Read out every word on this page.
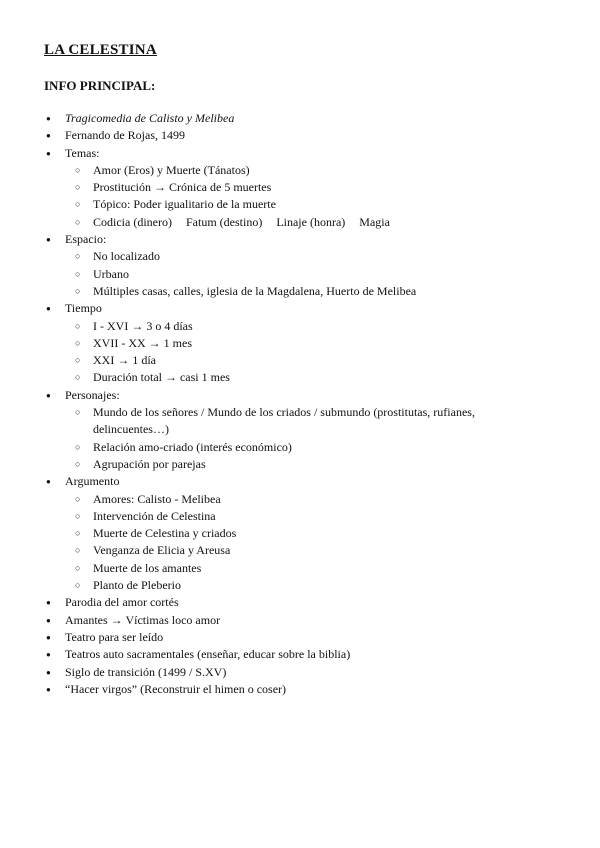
LA CELESTINA
INFO PRINCIPAL:
●	Tragicomedia de Calisto y Melibea
●	Fernando de Rojas, 1499
●	Temas:
○	Amor (Eros) y Muerte (Tánatos)
○	Prostitución → Crónica de 5 muertes
○	Tópico: Poder igualitario de la muerte
○	Codicia (dinero) Fatum (destino) Linaje (honra) Magia
●	Espacio:
○	No localizado
○	Urbano
○	Múltiples casas, calles, iglesia de la Magdalena, Huerto de Melibea
●	Tiempo
○	I - XVI → 3 o 4 días
○	XVII - XX → 1 mes
○	XXI → 1 día
○	Duración total → casi 1 mes
●	Personajes:
○	Mundo de los señores / Mundo de los criados / submundo (prostitutas, rufianes, delincuentes…)
○	Relación amo-criado (interés económico)
○	Agrupación por parejas
●	Argumento
○	Amores: Calisto - Melibea
○	Intervención de Celestina
○	Muerte de Celestina y criados
○	Venganza de Elicia y Areusa
○	Muerte de los amantes
○	Planto de Pleberio
●	Parodia del amor cortés
●	Amantes → Víctimas loco amor
●	Teatro para ser leído
●	Teatros auto sacramentales (enseñar, educar sobre la biblia)
●	Siglo de transición (1499 / S.XV)
●	“Hacer virgos” (Reconstruir el himen o coser)
